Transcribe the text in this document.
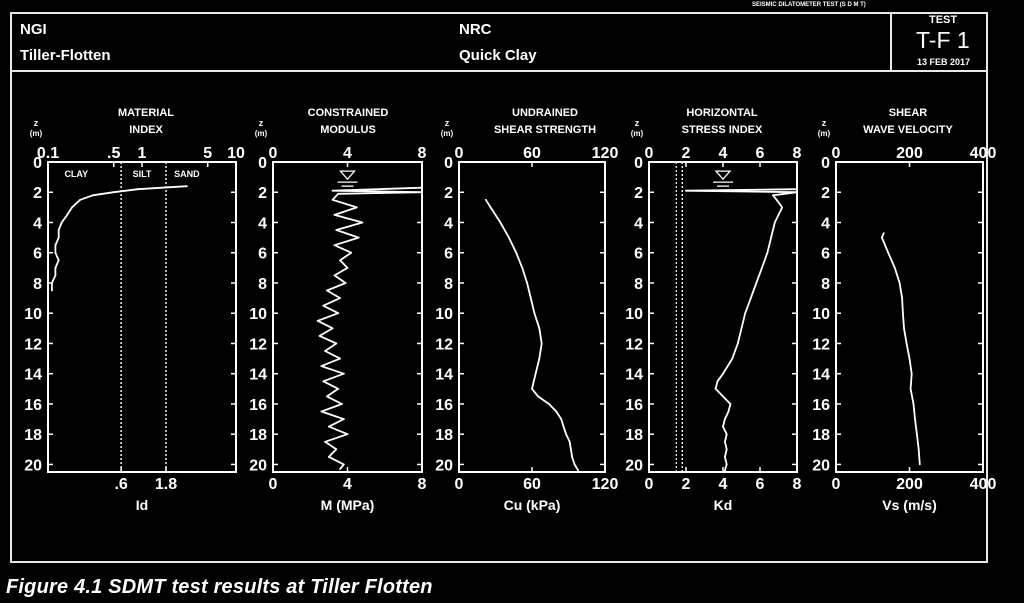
SEISMIC DILATOMETER TEST (S D M T)
NGI
Tiller-Flotten
NRC
Quick Clay
TEST
T-F 1
13 FEB 2017
MATERIAL
INDEX
z
(m)
0
2
4
6
8
10
12
14
16
18
20
0.1	.5 1	5 10
.6 1.8
Id
CLAY	SILT	SAND
CONSTRAINED
MODULUS
z
(m)
0
2
4
6
8
10
12
14
16
18
20
0	4	8
0	4	8
M (MPa)
UNDRAINED
SHEAR STRENGTH
z
(m)
0
2
4
6
8
10
12
14
16
18
20
0	60	120
0	60	120
Cu (kPa)
HORIZONTAL
STRESS INDEX
z
(m)
0
2
4
6
8
10
12
14
16
18
20
0 2 4 6 8
0 2 4 6 8
Kd
SHEAR
WAVE VELOCITY
z
(m)
0
2
4
6
8
10
12
14
16
18
20
0	200	400
0	200	400
Vs (m/s)
Figure 4.1 SDMT test results at Tiller Flotten
